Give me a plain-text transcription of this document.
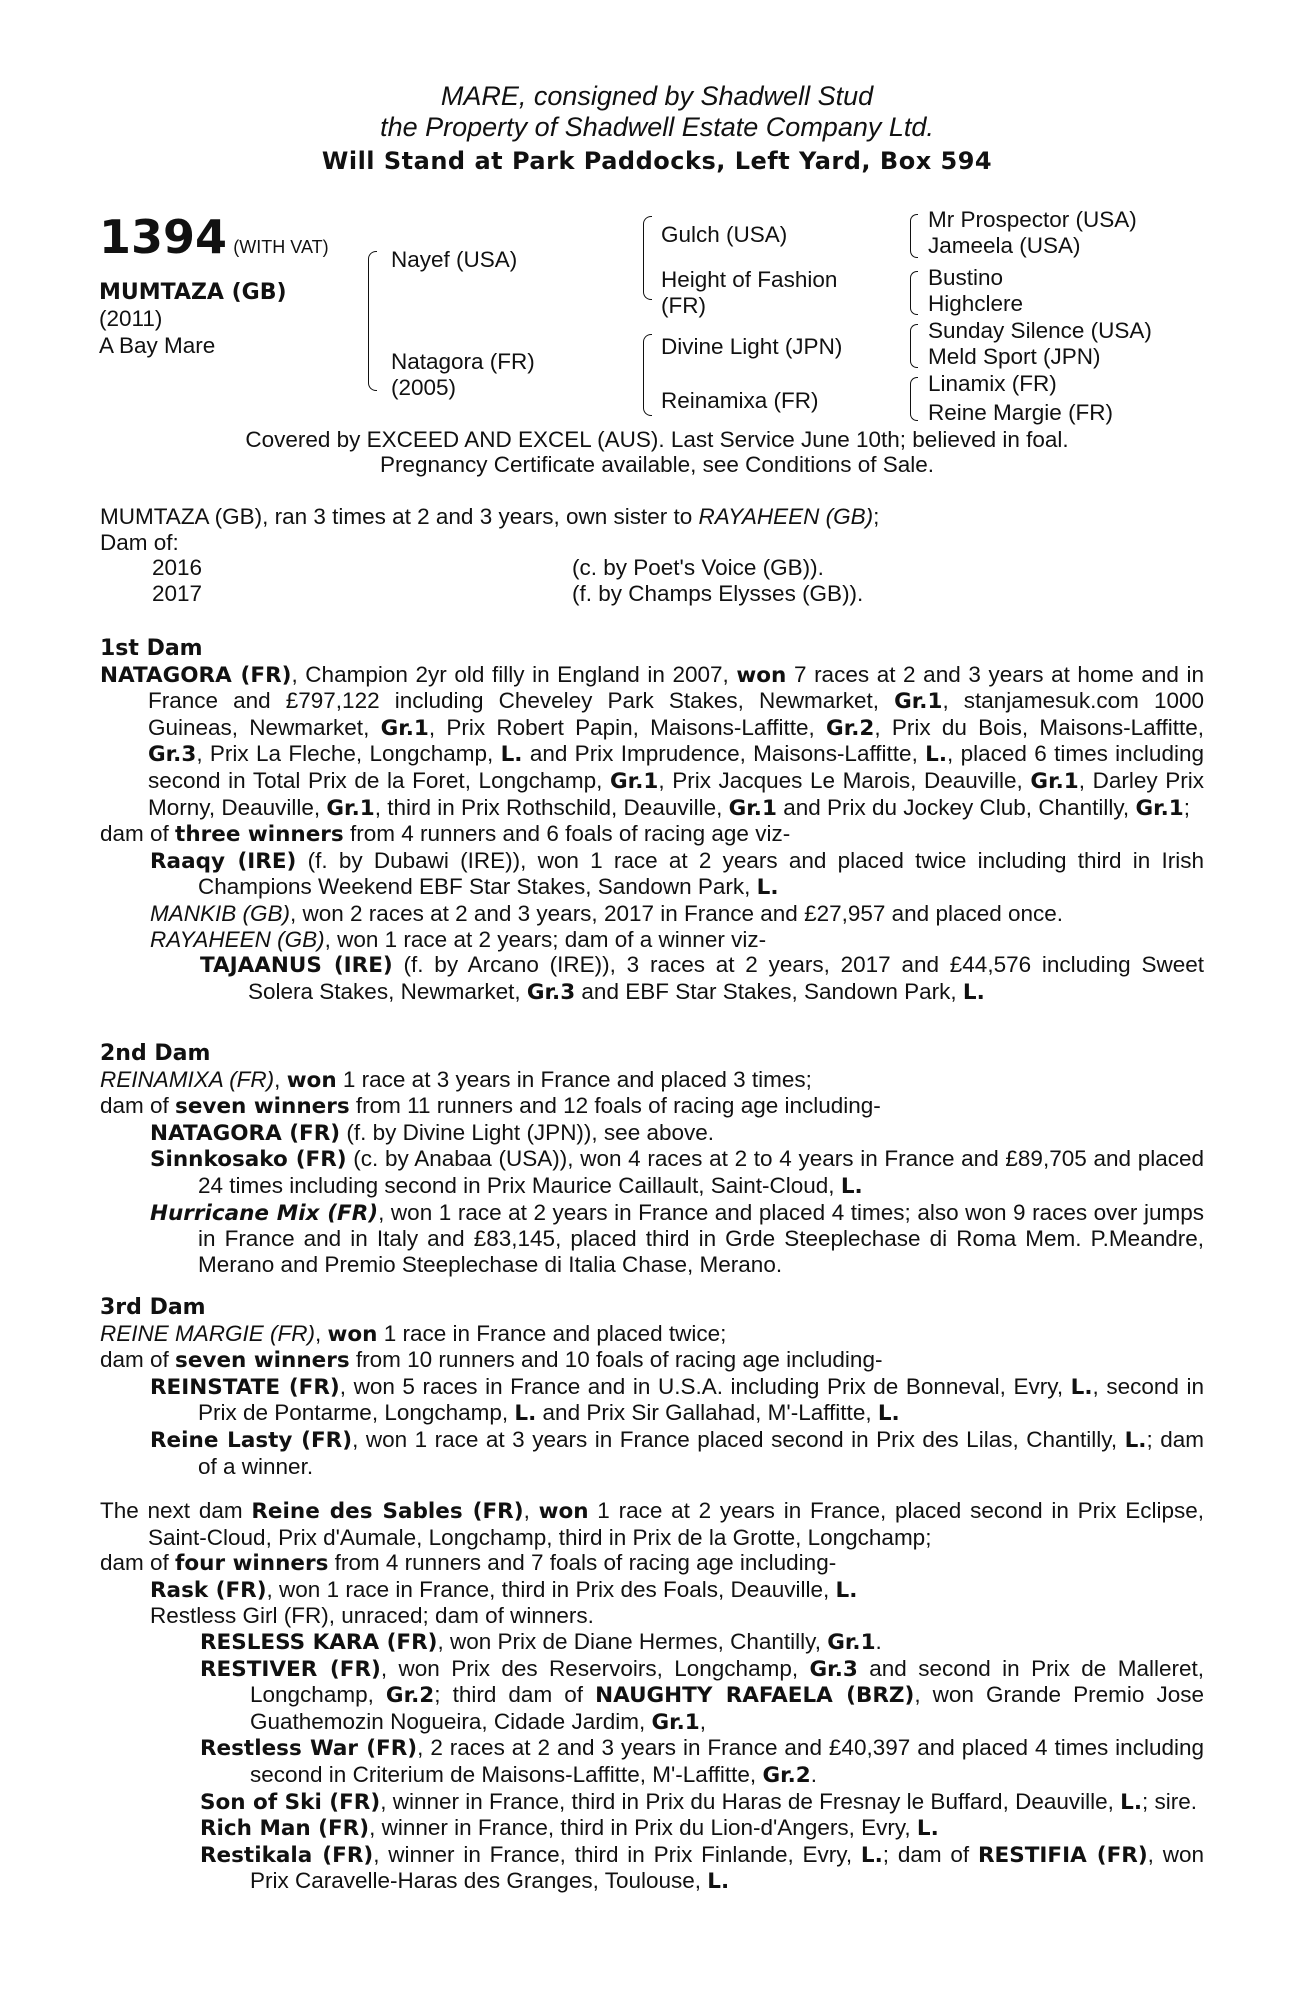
MARE, consigned by Shadwell Stud
the Property of Shadwell Estate Company Ltd.
Will Stand at Park Paddocks, Left Yard, Box 594
1394 (WITH VAT)
MUMTAZA (GB)
(2011)
A Bay Mare
Nayef (USA)
Natagora (FR)
(2005)
Gulch (USA)
Height of Fashion
(FR)
Divine Light (JPN)
Reinamixa (FR)
Mr Prospector (USA)
Jameela (USA)
Bustino
Highclere
Sunday Silence (USA)
Meld Sport (JPN)
Linamix (FR)
Reine Margie (FR)
Covered by EXCEED AND EXCEL (AUS). Last Service June 10th; believed in foal.
Pregnancy Certificate available, see Conditions of Sale.

MUMTAZA (GB), ran 3 times at 2 and 3 years, own sister to RAYAHEEN (GB);

Dam of:

2016	(c. by Poet's Voice (GB)).
2017	(f. by Champs Elysses (GB)).

1st Dam

NATAGORA (FR), Champion 2yr old filly in England in 2007, won 7 races at 2 and 3 years at home and in France and £797,122 including Cheveley Park Stakes, Newmarket, Gr.1, stanjamesuk.com 1000 Guineas, Newmarket, Gr.1, Prix Robert Papin, Maisons-Laffitte, Gr.2, Prix du Bois, Maisons-Laffitte, Gr.3, Prix La Fleche, Longchamp, L. and Prix Imprudence, Maisons-Laffitte, L., placed 6 times including second in Total Prix de la Foret, Longchamp, Gr.1, Prix Jacques Le Marois, Deauville, Gr.1, Darley Prix Morny, Deauville, Gr.1, third in Prix Rothschild, Deauville, Gr.1 and Prix du Jockey Club, Chantilly, Gr.1;

dam of three winners from 4 runners and 6 foals of racing age viz-

Raaqy (IRE) (f. by Dubawi (IRE)), won 1 race at 2 years and placed twice including third in Irish Champions Weekend EBF Star Stakes, Sandown Park, L.

MANKIB (GB), won 2 races at 2 and 3 years, 2017 in France and £27,957 and placed once.

RAYAHEEN (GB), won 1 race at 2 years; dam of a winner viz-

TAJAANUS (IRE) (f. by Arcano (IRE)), 3 races at 2 years, 2017 and £44,576 including Sweet Solera Stakes, Newmarket, Gr.3 and EBF Star Stakes, Sandown Park, L.

2nd Dam

REINAMIXA (FR), won 1 race at 3 years in France and placed 3 times;

dam of seven winners from 11 runners and 12 foals of racing age including-

NATAGORA (FR) (f. by Divine Light (JPN)), see above.

Sinnkosako (FR) (c. by Anabaa (USA)), won 4 races at 2 to 4 years in France and £89,705 and placed 24 times including second in Prix Maurice Caillault, Saint-Cloud, L.

Hurricane Mix (FR), won 1 race at 2 years in France and placed 4 times; also won 9 races over jumps in France and in Italy and £83,145, placed third in Grde Steeplechase di Roma Mem. P.Meandre, Merano and Premio Steeplechase di Italia Chase, Merano.

3rd Dam

REINE MARGIE (FR), won 1 race in France and placed twice;

dam of seven winners from 10 runners and 10 foals of racing age including-

REINSTATE (FR), won 5 races in France and in U.S.A. including Prix de Bonneval, Evry, L., second in Prix de Pontarme, Longchamp, L. and Prix Sir Gallahad, M'-Laffitte, L.

Reine Lasty (FR), won 1 race at 3 years in France placed second in Prix des Lilas, Chantilly, L.; dam of a winner.

The next dam Reine des Sables (FR), won 1 race at 2 years in France, placed second in Prix Eclipse, Saint-Cloud, Prix d'Aumale, Longchamp, third in Prix de la Grotte, Longchamp;

dam of four winners from 4 runners and 7 foals of racing age including-

Rask (FR), won 1 race in France, third in Prix des Foals, Deauville, L.

Restless Girl (FR), unraced; dam of winners.

RESLESS KARA (FR), won Prix de Diane Hermes, Chantilly, Gr.1.

RESTIVER (FR), won Prix des Reservoirs, Longchamp, Gr.3 and second in Prix de Malleret, Longchamp, Gr.2; third dam of NAUGHTY RAFAELA (BRZ), won Grande Premio Jose Guathemozin Nogueira, Cidade Jardim, Gr.1,

Restless War (FR), 2 races at 2 and 3 years in France and £40,397 and placed 4 times including second in Criterium de Maisons-Laffitte, M'-Laffitte, Gr.2.

Son of Ski (FR), winner in France, third in Prix du Haras de Fresnay le Buffard, Deauville, L.; sire.

Rich Man (FR), winner in France, third in Prix du Lion-d'Angers, Evry, L.

Restikala (FR), winner in France, third in Prix Finlande, Evry, L.; dam of RESTIFIA (FR), won Prix Caravelle-Haras des Granges, Toulouse, L.
